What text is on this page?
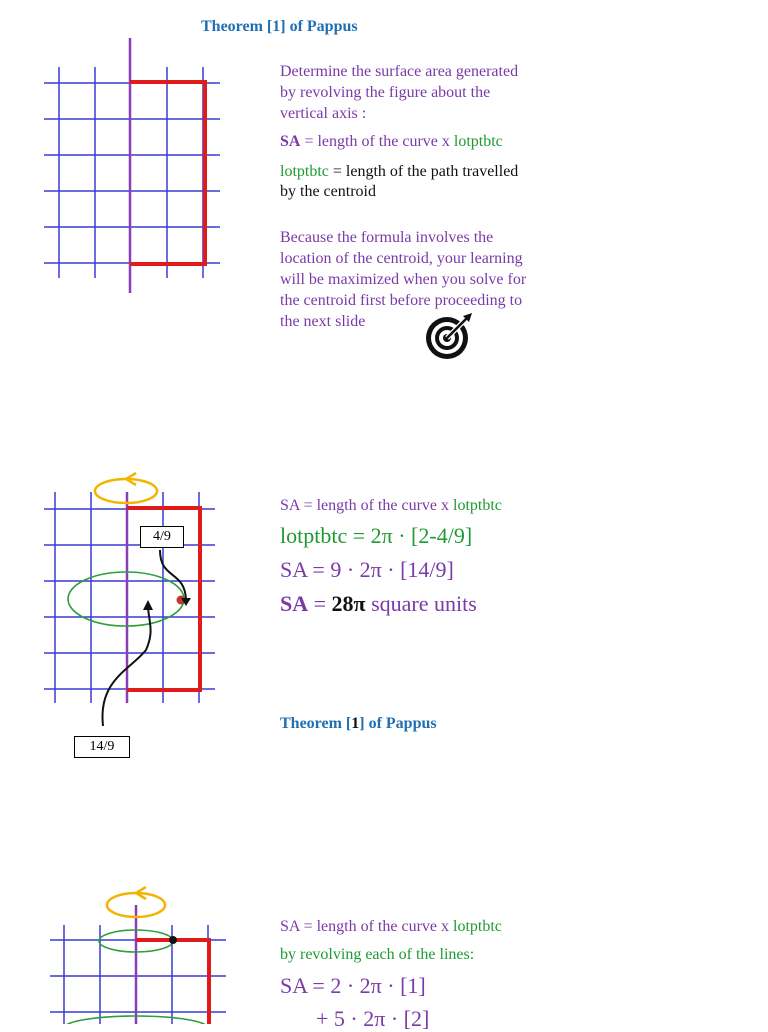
Theorem [1] of Pappus
Determine the surface area generated
by revolving the figure about the
vertical axis :
SA = length of the curve x lotptbtc
lotptbtc = length of the path travelled
by the centroid
Because the formula involves the
location of the centroid, your learning
will be maximized when you solve for
the centroid first before proceeding to
the next slide
4/9
14/9
SA = length of the curve x lotptbtc
lotptbtc = 2π · [2-4/9]
SA = 9 · 2π · [14/9]
SA = 28π square units
Theorem [1] of Pappus
SA = length of the curve x lotptbtc
by revolving each of the lines:
SA = 2 · 2π · [1]
+ 5 · 2π · [2]
